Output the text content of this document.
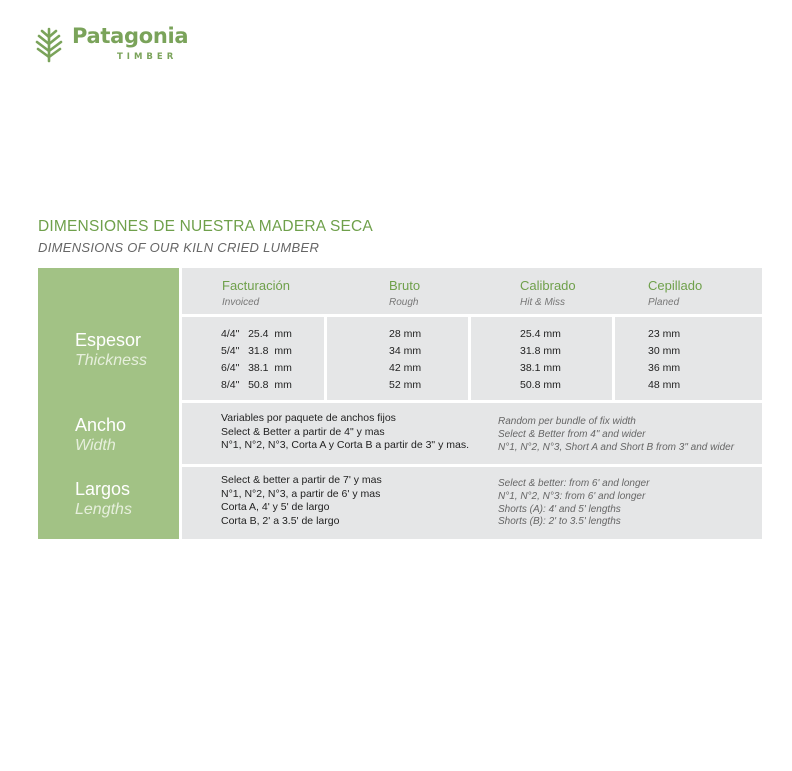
Patagonia
TIMBER
DIMENSIONES DE NUESTRA MADERA SECA
DIMENSIONS OF OUR KILN CRIED LUMBER
Espesor
Thickness
Ancho
Width
Largos
Lengths
Facturación
Invoiced
Bruto
Rough
Calibrado
Hit & Miss
Cepillado
Planed
4/4"   25.4  mm
5/4"   31.8  mm
6/4"   38.1  mm
8/4"   50.8  mm
28 mm
34 mm
42 mm
52 mm
25.4 mm
31.8 mm
38.1 mm
50.8 mm
23 mm
30 mm
36 mm
48 mm
Variables por paquete de anchos fijos
Select & Better a partir de 4" y mas
N°1, N°2, N°3, Corta A y Corta B a partir de 3" y mas.
Random per bundle of fix width
Select & Better from 4" and wider
N°1, N°2, N°3, Short A and Short B from 3" and wider
Select & better a partir de 7' y mas
N°1, N°2, N°3, a partir de 6' y mas
Corta A, 4' y 5' de largo
Corta B, 2' a 3.5' de largo
Select & better: from 6' and longer
N°1, N°2, N°3: from 6' and longer
Shorts (A): 4' and 5' lengths
Shorts (B): 2' to 3.5' lengths
